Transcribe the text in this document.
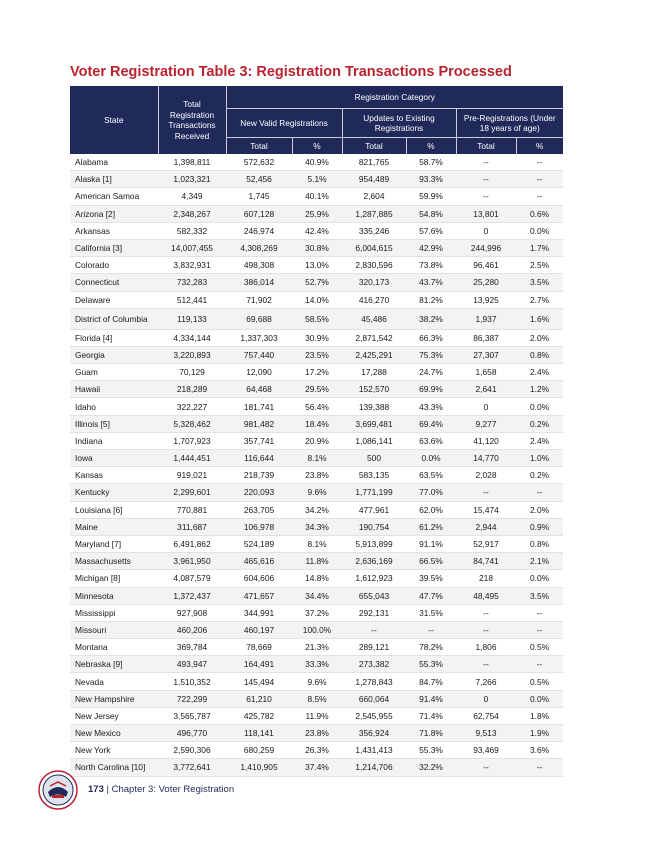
Voter Registration Table 3: Registration Transactions Processed
State	Total Registration Transactions Received	Registration Category					
		New Valid Registrations		Updates to Existing Registrations		Pre-Registrations (Under 18 years of age)	
		Total	%	Total	%	Total	%
Alabama	1,398,811	572,632	40.9%	821,765	58.7%	--	--
Alaska [1]	1,023,321	52,456	5.1%	954,489	93.3%	--	--
American Samoa	4,349	1,745	40.1%	2,604	59.9%	--	--
Arizona [2]	2,348,267	607,128	25.9%	1,287,885	54.8%	13,801	0.6%
Arkansas	582,332	246,974	42.4%	335,246	57.6%	0	0.0%
California [3]	14,007,455	4,308,269	30.8%	6,004,615	42.9%	244,996	1.7%
Colorado	3,832,931	498,308	13.0%	2,830,596	73.8%	96,461	2.5%
Connecticut	732,283	386,014	52.7%	320,173	43.7%	25,280	3.5%
Delaware	512,441	71,902	14.0%	416,270	81.2%	13,925	2.7%
District of Columbia	119,133	69,688	58.5%	45,486	38.2%	1,937	1.6%
Florida [4]	4,334,144	1,337,303	30.9%	2,871,542	66.3%	86,387	2.0%
Georgia	3,220,893	757,440	23.5%	2,425,291	75.3%	27,307	0.8%
Guam	70,129	12,090	17.2%	17,288	24.7%	1,658	2.4%
Hawaii	218,289	64,468	29.5%	152,570	69.9%	2,641	1.2%
Idaho	322,227	181,741	56.4%	139,388	43.3%	0	0.0%
Illinois [5]	5,328,462	981,482	18.4%	3,699,481	69.4%	9,277	0.2%
Indiana	1,707,923	357,741	20.9%	1,086,141	63.6%	41,120	2.4%
Iowa	1,444,451	116,644	8.1%	500	0.0%	14,770	1.0%
Kansas	919,021	218,739	23.8%	583,135	63.5%	2,028	0.2%
Kentucky	2,299,601	220,093	9.6%	1,771,199	77.0%	--	--
Louisiana [6]	770,881	263,705	34.2%	477,961	62.0%	15,474	2.0%
Maine	311,687	106,978	34.3%	190,754	61.2%	2,944	0.9%
Maryland [7]	6,491,862	524,189	8.1%	5,913,899	91.1%	52,917	0.8%
Massachusetts	3,961,950	465,616	11.8%	2,636,169	66.5%	84,741	2.1%
Michigan [8]	4,087,579	604,606	14.8%	1,612,923	39.5%	218	0.0%
Minnesota	1,372,437	471,657	34.4%	655,043	47.7%	48,495	3.5%
Mississippi	927,908	344,991	37.2%	292,131	31.5%	--	--
Missouri	460,206	460,197	100.0%	--	--	--	--
Montana	369,784	78,669	21.3%	289,121	78.2%	1,806	0.5%
Nebraska [9]	493,947	164,491	33.3%	273,382	55.3%	--	--
Nevada	1,510,352	145,494	9.6%	1,278,843	84.7%	7,266	0.5%
New Hampshire	722,299	61,210	8.5%	660,064	91.4%	0	0.0%
New Jersey	3,565,787	425,782	11.9%	2,545,955	71.4%	62,754	1.8%
New Mexico	496,770	118,141	23.8%	356,924	71.8%	9,513	1.9%
New York	2,590,306	680,259	26.3%	1,431,413	55.3%	93,469	3.6%
North Carolina [10]	3,772,641	1,410,905	37.4%	1,214,706	32.2%	--	--
173 | Chapter 3: Voter Registration
